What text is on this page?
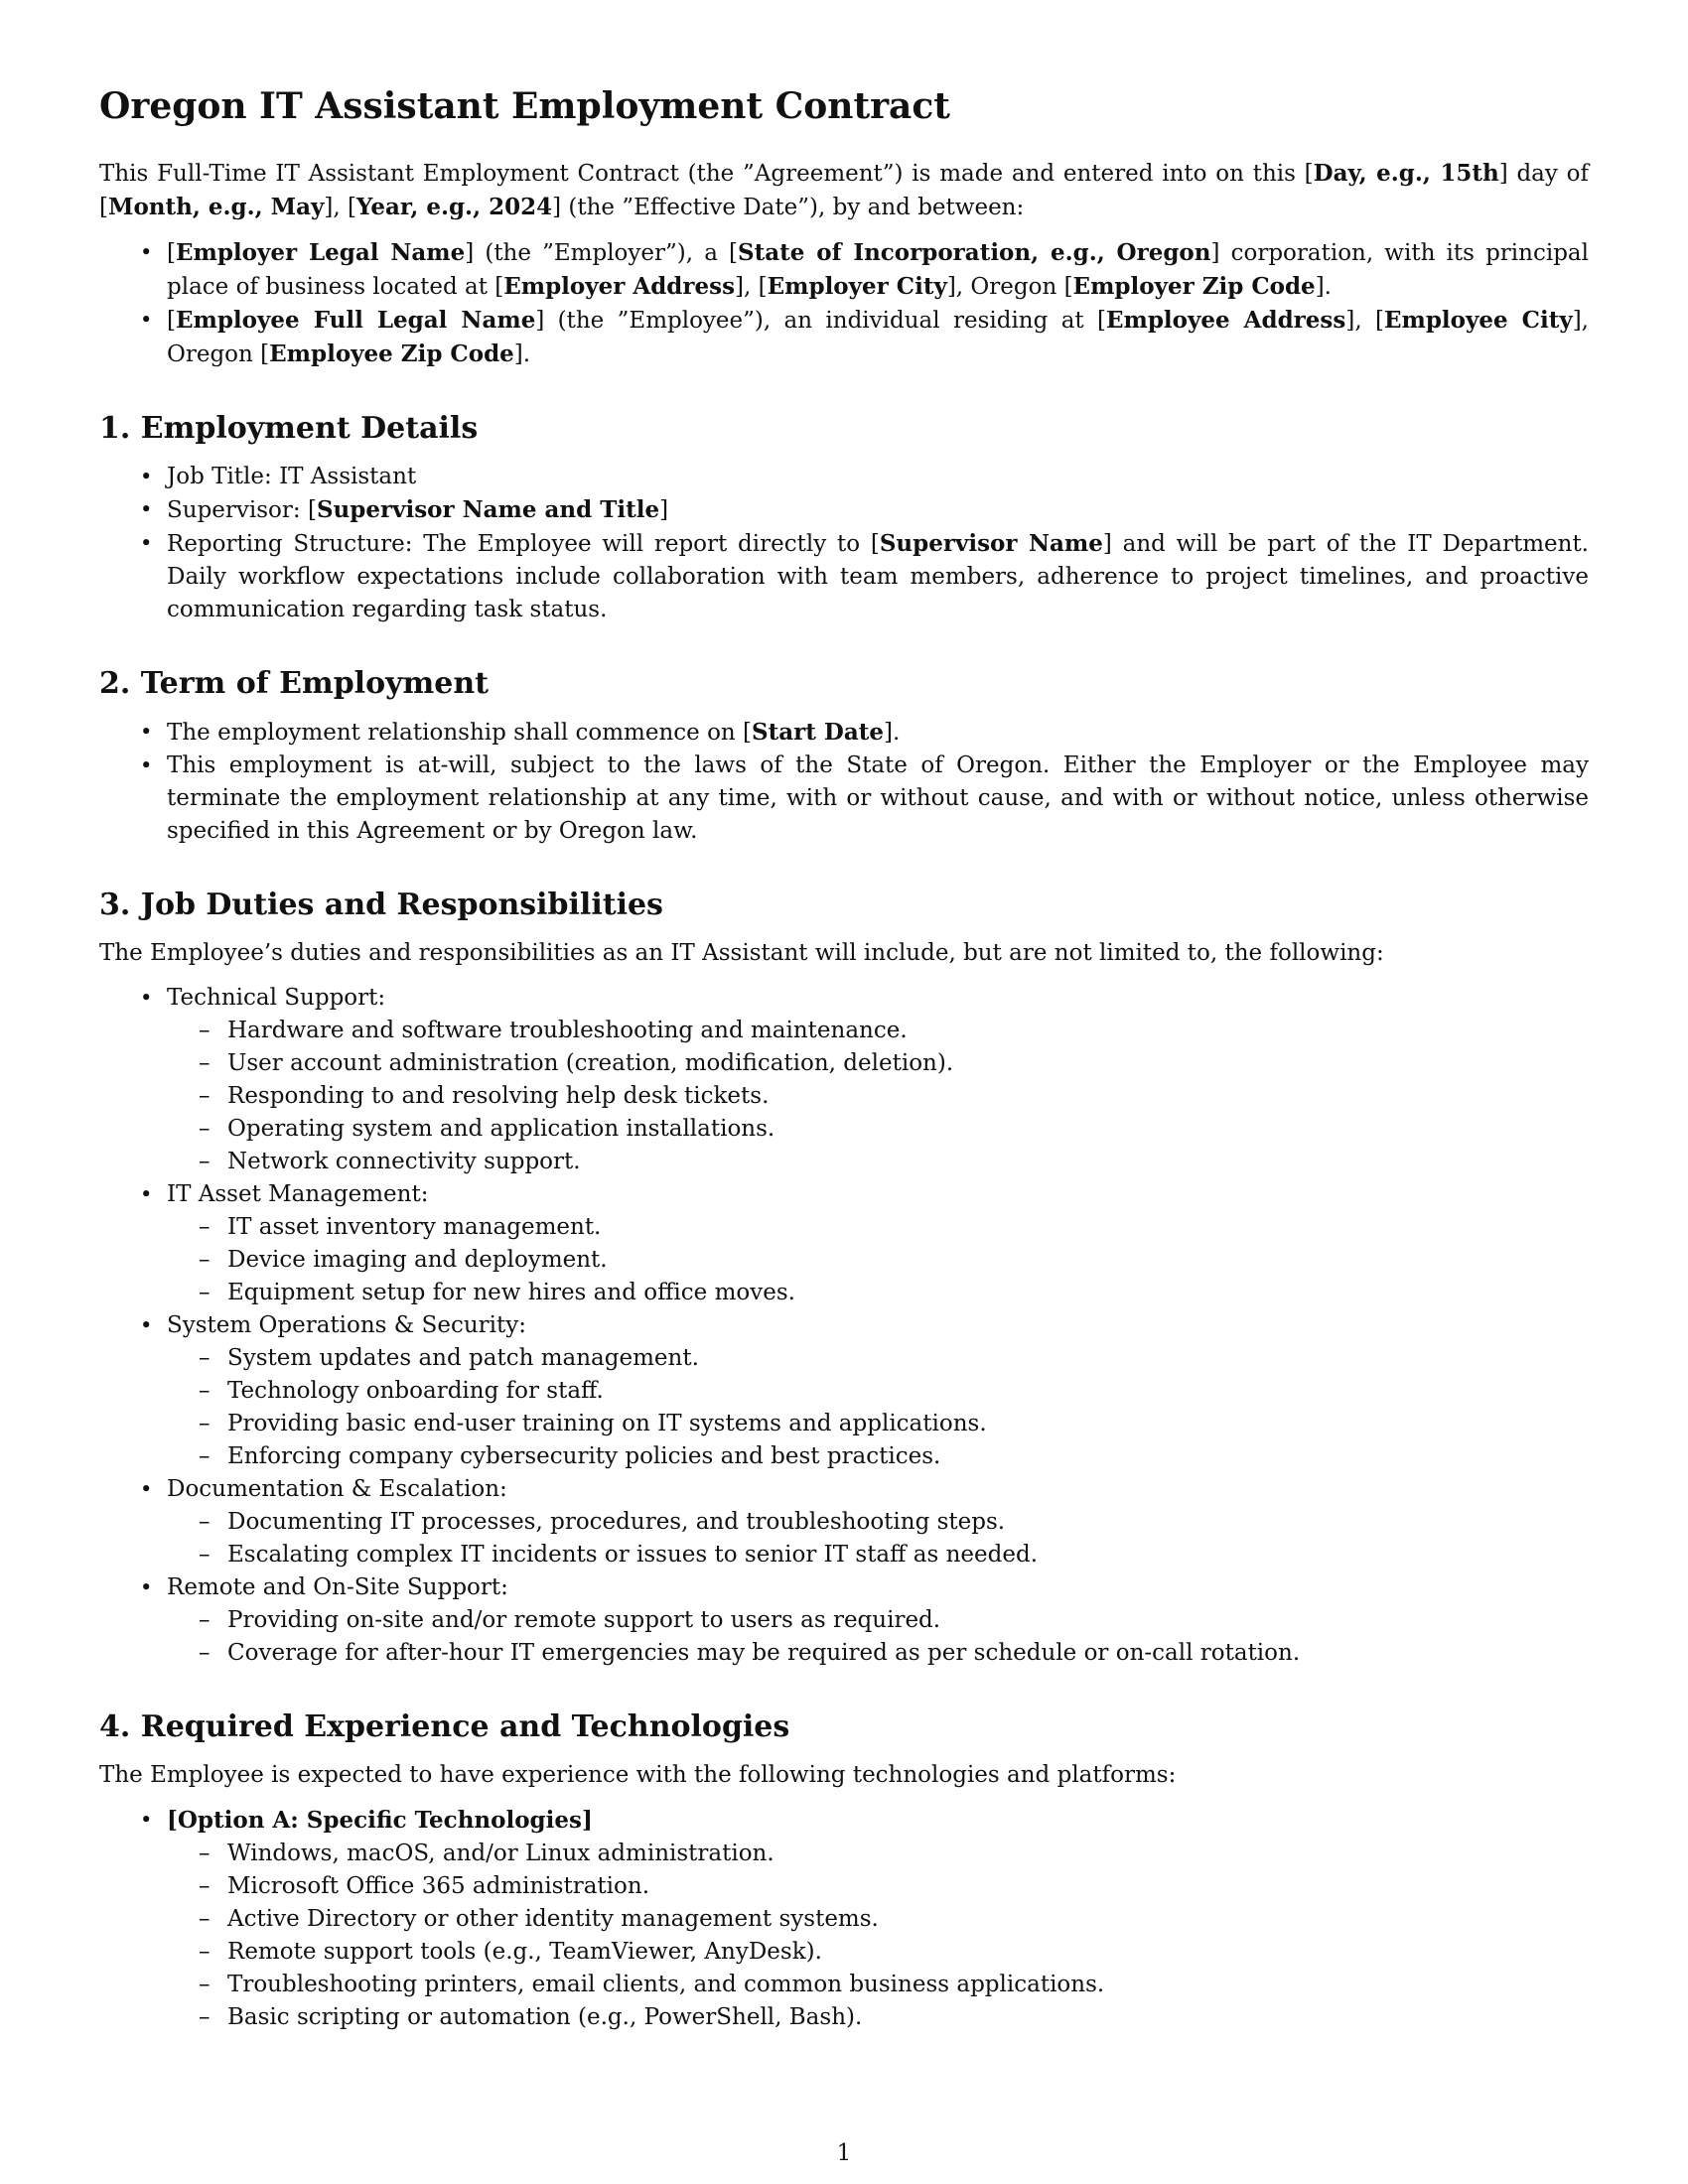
Oregon IT Assistant Employment Contract

This Full-Time IT Assistant Employment Contract (the ”Agreement”) is made and entered into on this [Day, e.g., 15th] day of [Month, e.g., May], [Year, e.g., 2024] (the ”Effective Date”), by and between:

• [Employer Legal Name] (the ”Employer”), a [State of Incorporation, e.g., Oregon] corporation, with its principal place of business located at [Employer Address], [Employer City], Oregon [Employer Zip Code].
• [Employee Full Legal Name] (the ”Employee”), an individual residing at [Employee Address], [Employee City], Oregon [Employee Zip Code].
1. Employment Details
• Job Title: IT Assistant
• Supervisor: [Supervisor Name and Title]
• Reporting Structure: The Employee will report directly to [Supervisor Name] and will be part of the IT Department. Daily workflow expectations include collaboration with team members, adherence to project timelines, and proactive communication regarding task status.
2. Term of Employment
• The employment relationship shall commence on [Start Date].
• This employment is at-will, subject to the laws of the State of Oregon. Either the Employer or the Employee may terminate the employment relationship at any time, with or without cause, and with or without notice, unless otherwise specified in this Agreement or by Oregon law.
3. Job Duties and Responsibilities

The Employee’s duties and responsibilities as an IT Assistant will include, but are not limited to, the following:

• Technical Support:
– Hardware and software troubleshooting and maintenance.
– User account administration (creation, modification, deletion).
– Responding to and resolving help desk tickets.
– Operating system and application installations.
– Network connectivity support.
• IT Asset Management:
– IT asset inventory management.
– Device imaging and deployment.
– Equipment setup for new hires and office moves.
• System Operations & Security:
– System updates and patch management.
– Technology onboarding for staff.
– Providing basic end-user training on IT systems and applications.
– Enforcing company cybersecurity policies and best practices.
• Documentation & Escalation:
– Documenting IT processes, procedures, and troubleshooting steps.
– Escalating complex IT incidents or issues to senior IT staff as needed.
• Remote and On-Site Support:
– Providing on-site and/or remote support to users as required.
– Coverage for after-hour IT emergencies may be required as per schedule or on-call rotation.
4. Required Experience and Technologies

The Employee is expected to have experience with the following technologies and platforms:

• [Option A: Specific Technologies]
– Windows, macOS, and/or Linux administration.
– Microsoft Office 365 administration.
– Active Directory or other identity management systems.
– Remote support tools (e.g., TeamViewer, AnyDesk).
– Troubleshooting printers, email clients, and common business applications.
– Basic scripting or automation (e.g., PowerShell, Bash).
1
